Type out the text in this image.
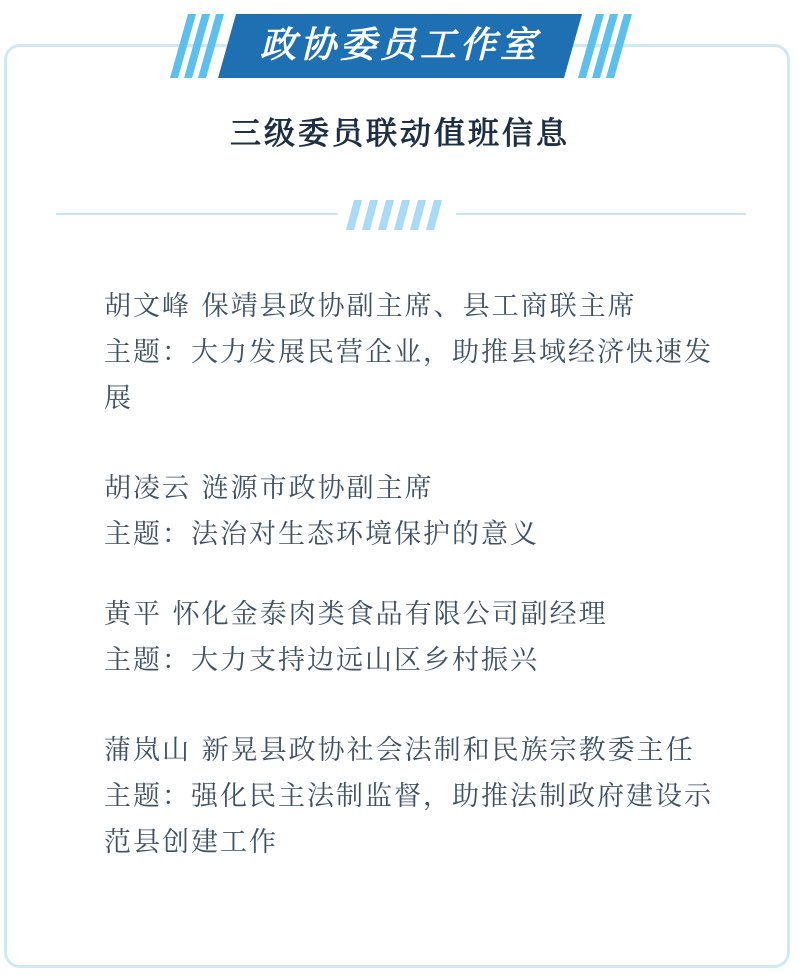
政协委员工作室
三级委员联动值班信息

胡文峰 保靖县政协副主席、县工商联主席

主题：大力发展民营企业，助推县域经济快速发展

胡凌云 涟源市政协副主席

主题：法治对生态环境保护的意义

黄平 怀化金泰肉类食品有限公司副经理

主题：大力支持边远山区乡村振兴

蒲岚山 新晃县政协社会法制和民族宗教委主任

主题：强化民主法制监督，助推法制政府建设示范县创建工作
